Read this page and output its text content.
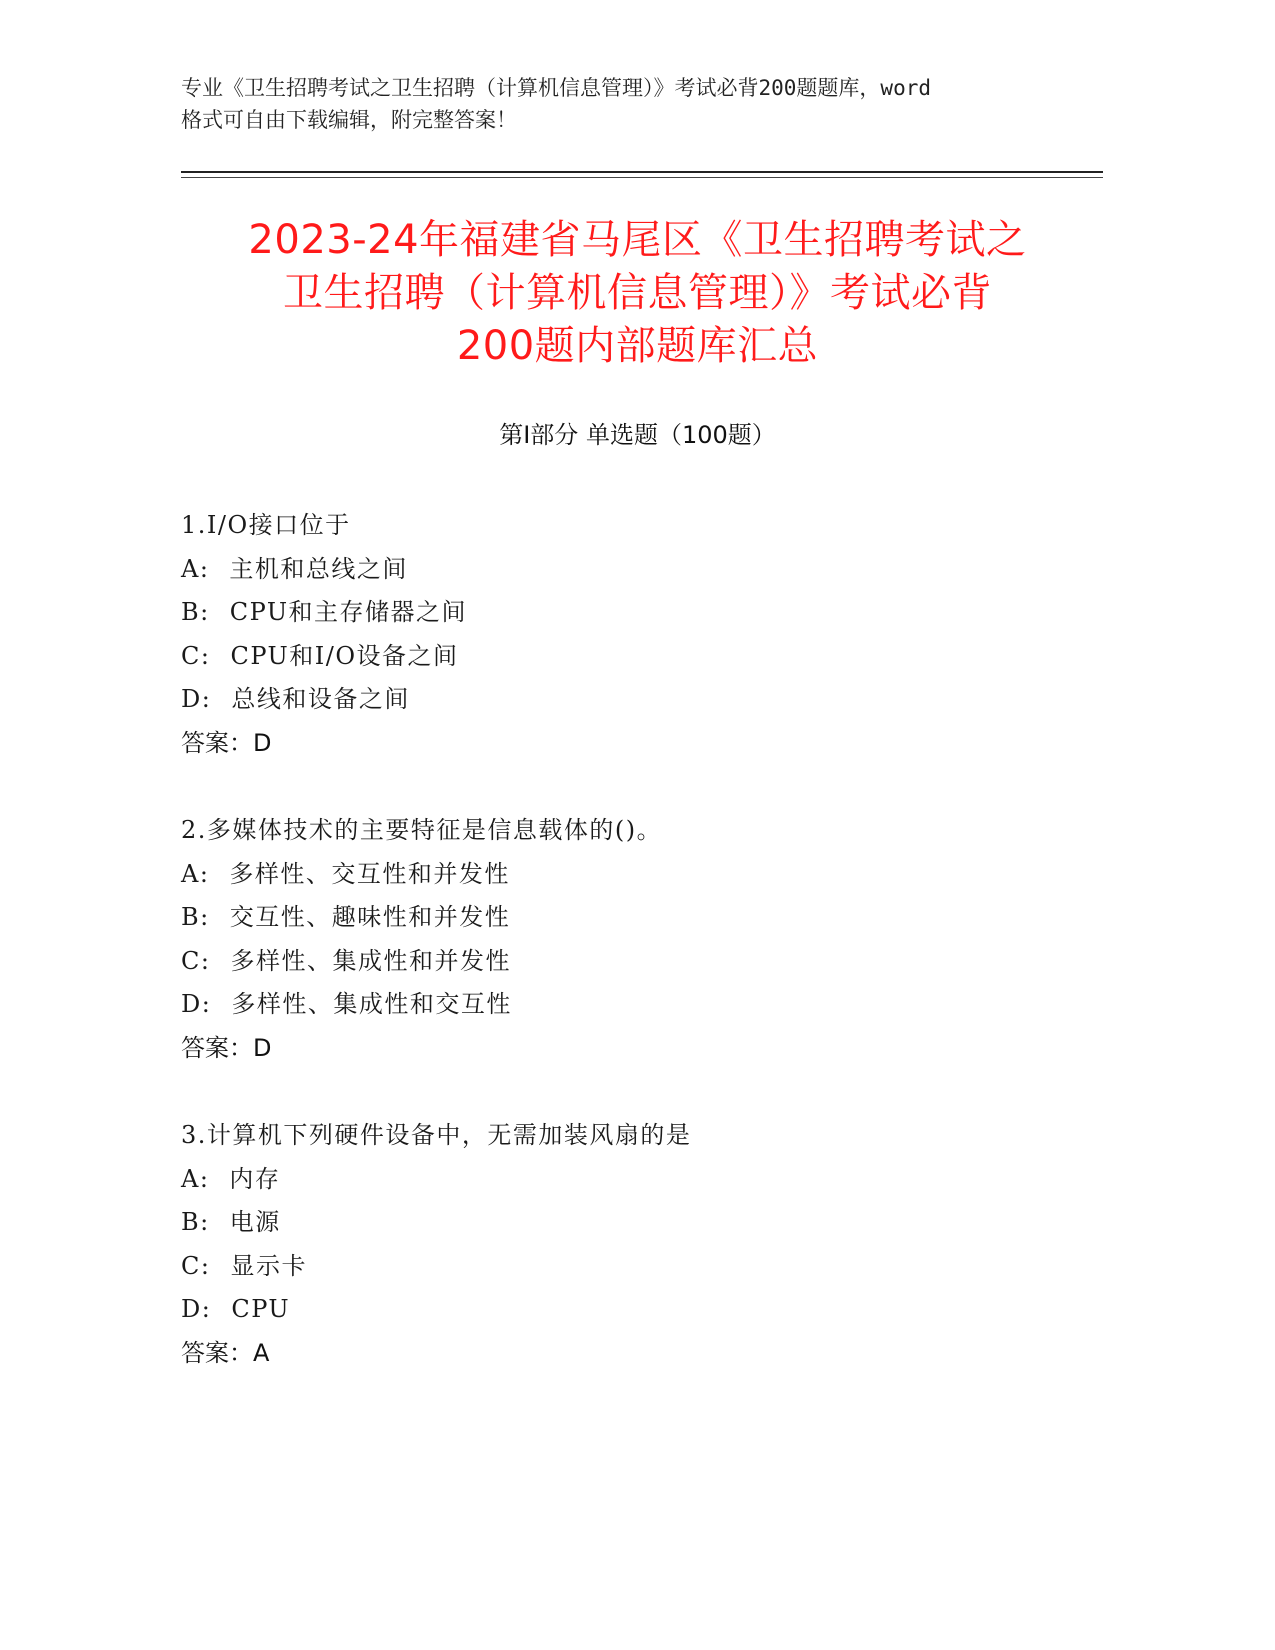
专业《卫生招聘考试之卫生招聘（计算机信息管理）》考试必背200题题库，word
格式可自由下载编辑，附完整答案！
2023-24年福建省马尾区《卫生招聘考试之
卫生招聘（计算机信息管理）》考试必背
200题内部题库汇总
第Ⅰ部分 单选题（100题）
1.I/O接口位于
A: 主机和总线之间
B: CPU和主存储器之间
C: CPU和I/O设备之间
D: 总线和设备之间
答案：D
2.多媒体技术的主要特征是信息载体的()。
A: 多样性、交互性和并发性
B: 交互性、趣味性和并发性
C: 多样性、集成性和并发性
D: 多样性、集成性和交互性
答案：D
3.计算机下列硬件设备中，无需加装风扇的是
A: 内存
B: 电源
C: 显示卡
D: CPU
答案：A
